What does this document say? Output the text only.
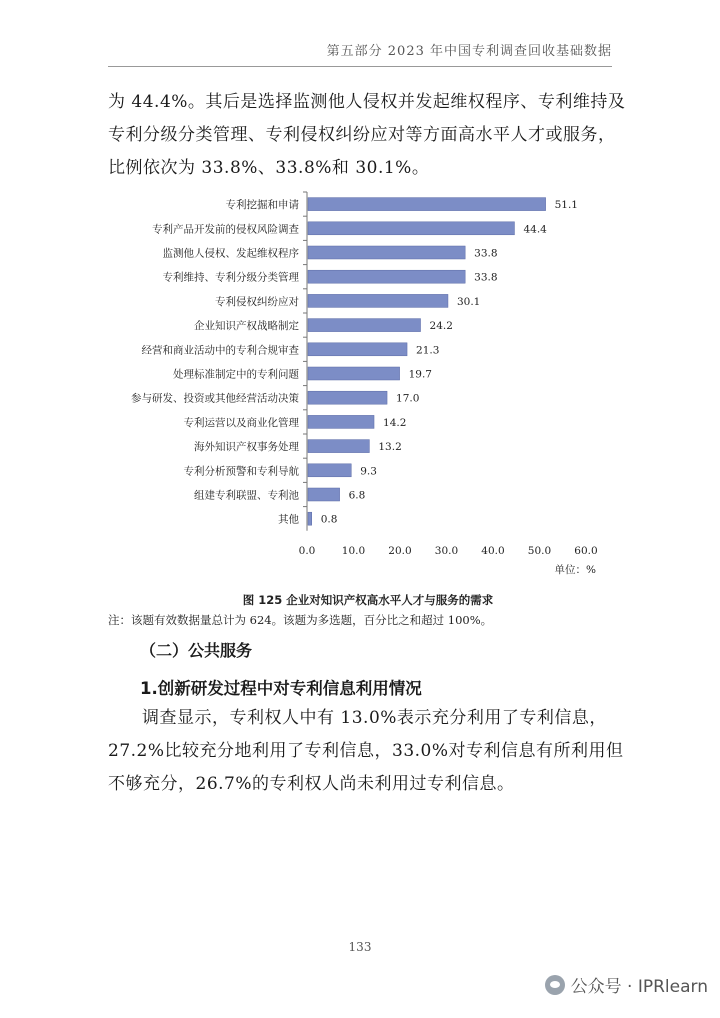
第五部分 2023 年中国专利调查回收基础数据
为 44.4%。其后是选择监测他人侵权并发起维权程序、专利维持及专利分级分类管理、专利侵权纠纷应对等方面高水平人才或服务，比例依次为 33.8%、33.8%和 30.1%。
专利挖掘和申请	51.1
专利产品开发前的侵权风险调查	44.4
监测他人侵权、发起维权程序	33.8
专利维持、专利分级分类管理	33.8
专利侵权纠纷应对	30.1
企业知识产权战略制定	24.2
经营和商业活动中的专利合规审查	21.3
处理标准制定中的专利问题	19.7
参与研发、投资或其他经营活动决策	17.0
专利运营以及商业化管理	14.2
海外知识产权事务处理	13.2
专利分析预警和专利导航	9.3
组建专利联盟、专利池	6.8
其他 0.8
0.0	10.0 20.0 30.0 40.0 50.0 60.0
单位：%
图 125 企业对知识产权高水平人才与服务的需求
注：该题有效数据量总计为 624。该题为多选题，百分比之和超过 100%。
（二）公共服务
1.创新研发过程中对专利信息利用情况
调查显示，专利权人中有 13.0%表示充分利用了专利信息，27.2%比较充分地利用了专利信息，33.0%对专利信息有所利用但不够充分，26.7%的专利权人尚未利用过专利信息。
133
公众号 · IPRlearn
